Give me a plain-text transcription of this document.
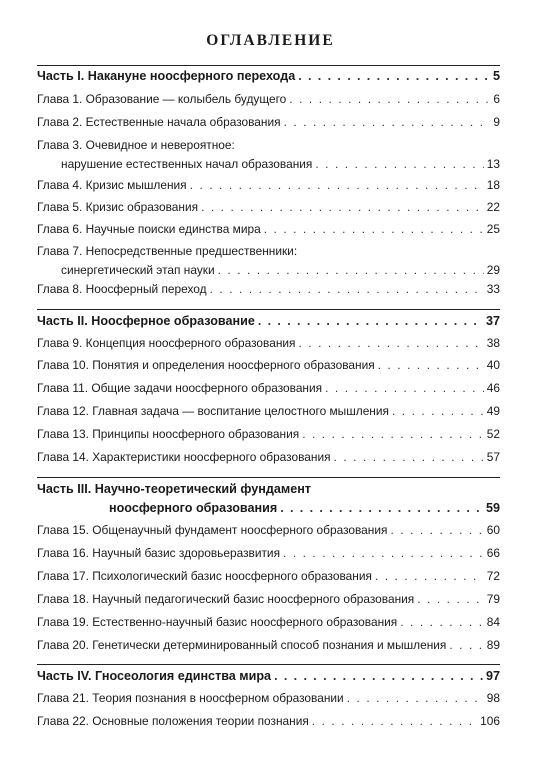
ОГЛАВЛЕНИЕ
Часть I. Накануне ноосферного перехода . . .	5
Глава 1. Образование — колыбель будущего . . .	6
Глава 2. Естественные начала образования . . .	9
Глава 3. Очевидное и невероятное:
нарушение естественных начал образования . . .	13
Глава 4. Кризис мышления . . .	18
Глава 5. Кризис образования . . .	22
Глава 6. Научные поиски единства мира . . .	25
Глава 7. Непосредственные предшественники:
синергетический этап науки . . .	29
Глава 8. Ноосферный переход . . .	33
Часть II. Ноосферное образование . . .	37
Глава 9. Концепция ноосферного образования . . .	38
Глава 10. Понятия и определения ноосферного образования . . .	40
Глава 11. Общие задачи ноосферного образования . . .	46
Глава 12. Главная задача — воспитание целостного мышления . . .	49
Глава 13. Принципы ноосферного образования . . .	52
Глава 14. Характеристики ноосферного образования . . .	57
Часть III. Научно-теоретический фундамент
ноосферного образования . . .	59
Глава 15. Общенаучный фундамент ноосферного образования . . .	60
Глава 16. Научный базис здоровьеразвития . . .	66
Глава 17. Психологический базис ноосферного образования . . .	72
Глава 18. Научный педагогический базис ноосферного образования . . .	79
Глава 19. Естественно-научный базис ноосферного образования . . .	84
Глава 20. Генетически детерминированный способ познания и мышления . . .	89
Часть IV. Гносеология единства мира . . .	97
Глава 21. Теория познания в ноосферном образовании . . .	98
Глава 22. Основные положения теории познания . . .	106
